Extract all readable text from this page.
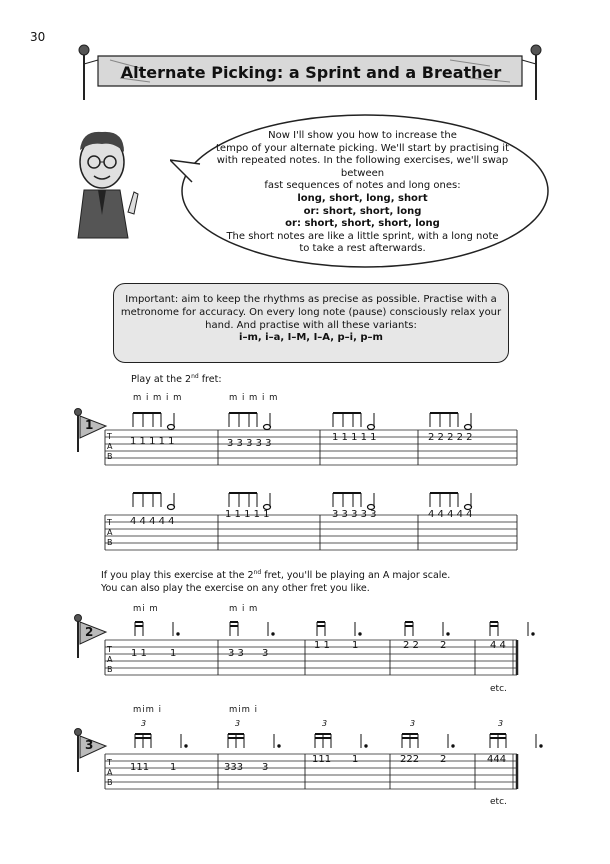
30
Alternate Picking: a Sprint and a Breather
Now I'll show you how to increase the
tempo of your alternate picking. We'll start by practising it
with repeated notes. In the following exercises, we'll swap between
fast sequences of notes and long ones:
long, short, long, short
or: short, short, long
or: short, short, short, long
The short notes are like a little sprint, with a long note
to take a rest afterwards.
Important: aim to keep the rhythms as precise as possible. Practise with a
metronome for accuracy. On every long note (pause) consciously relax your
hand. And practise with all these variants:
i–m, i–a, I–M, I–A, p–i, p–m
Play at the 2nd fret:
1
2
3
m i m i m	m i m i m
T
A
B
T
A
B
T
A
B
T
A
B
1 1 1 1 1	3 3 3 3 3
1 1 1 1 1	2 2 2 2 2
4 4 4 4 4
1 1 1 1 1	3 3 3 3 3	4 4 4 4 4
If you play this exercise at the 2nd fret, you'll be playing an A major scale.
You can also play the exercise on any other fret you like.
mi m	m i m
1 1 1	3 3 3
1 1 1	2 2 2	4 4
etc.
mim i	mim i
3	3	3	3	3
111 1	333 3
111 1	222 2	444
etc.
